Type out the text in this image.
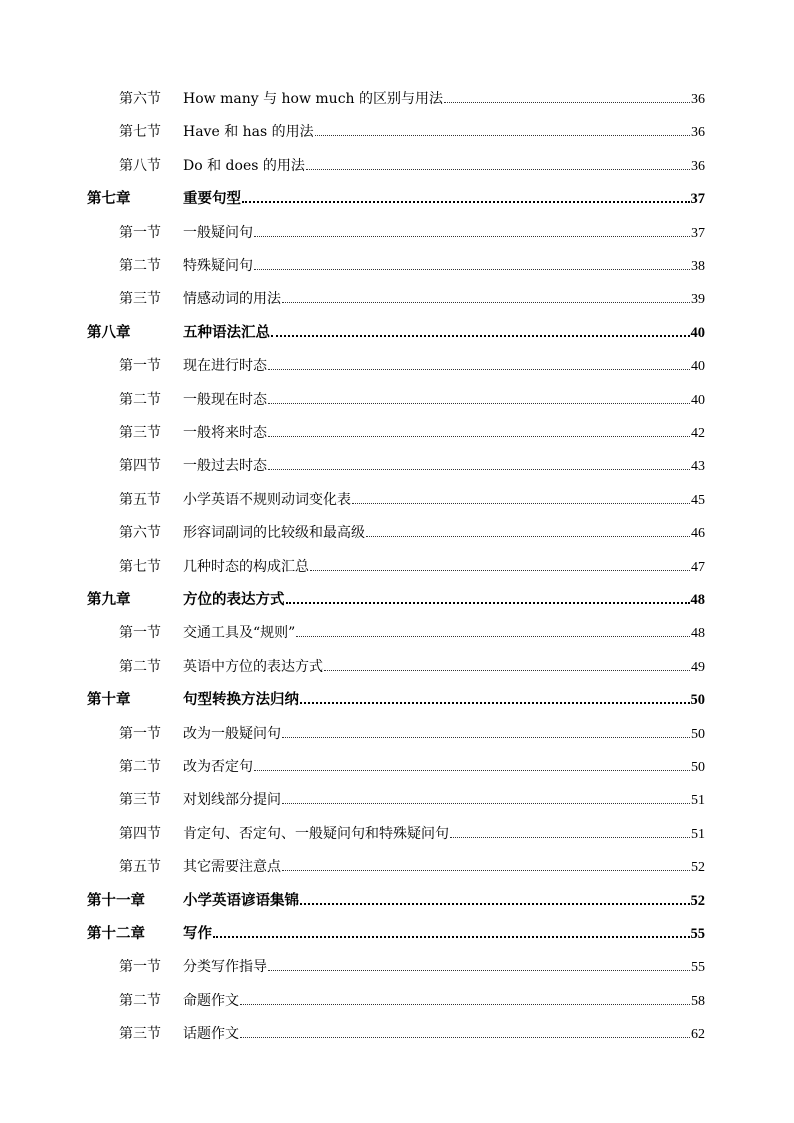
第六节	How many 与 how much 的区别与用法	36
第七节	Have 和 has 的用法	36
第八节	Do 和 does 的用法	36
第七章	重要句型	37
第一节	一般疑问句	37
第二节	特殊疑问句	38
第三节	情感动词的用法	39
第八章	五种语法汇总	40
第一节	现在进行时态	40
第二节	一般现在时态	40
第三节	一般将来时态	42
第四节	一般过去时态	43
第五节	小学英语不规则动词变化表	45
第六节	形容词副词的比较级和最高级	46
第七节	几种时态的构成汇总	47
第九章	方位的表达方式	48
第一节	交通工具及“规则”	48
第二节	英语中方位的表达方式	49
第十章	句型转换方法归纳	50
第一节	改为一般疑问句	50
第二节	改为否定句	50
第三节	对划线部分提问	51
第四节	肯定句、否定句、一般疑问句和特殊疑问句	51
第五节	其它需要注意点	52
第十一章	小学英语谚语集锦	52
第十二章	写作	55
第一节	分类写作指导	55
第二节	命题作文	58
第三节	话题作文	62
